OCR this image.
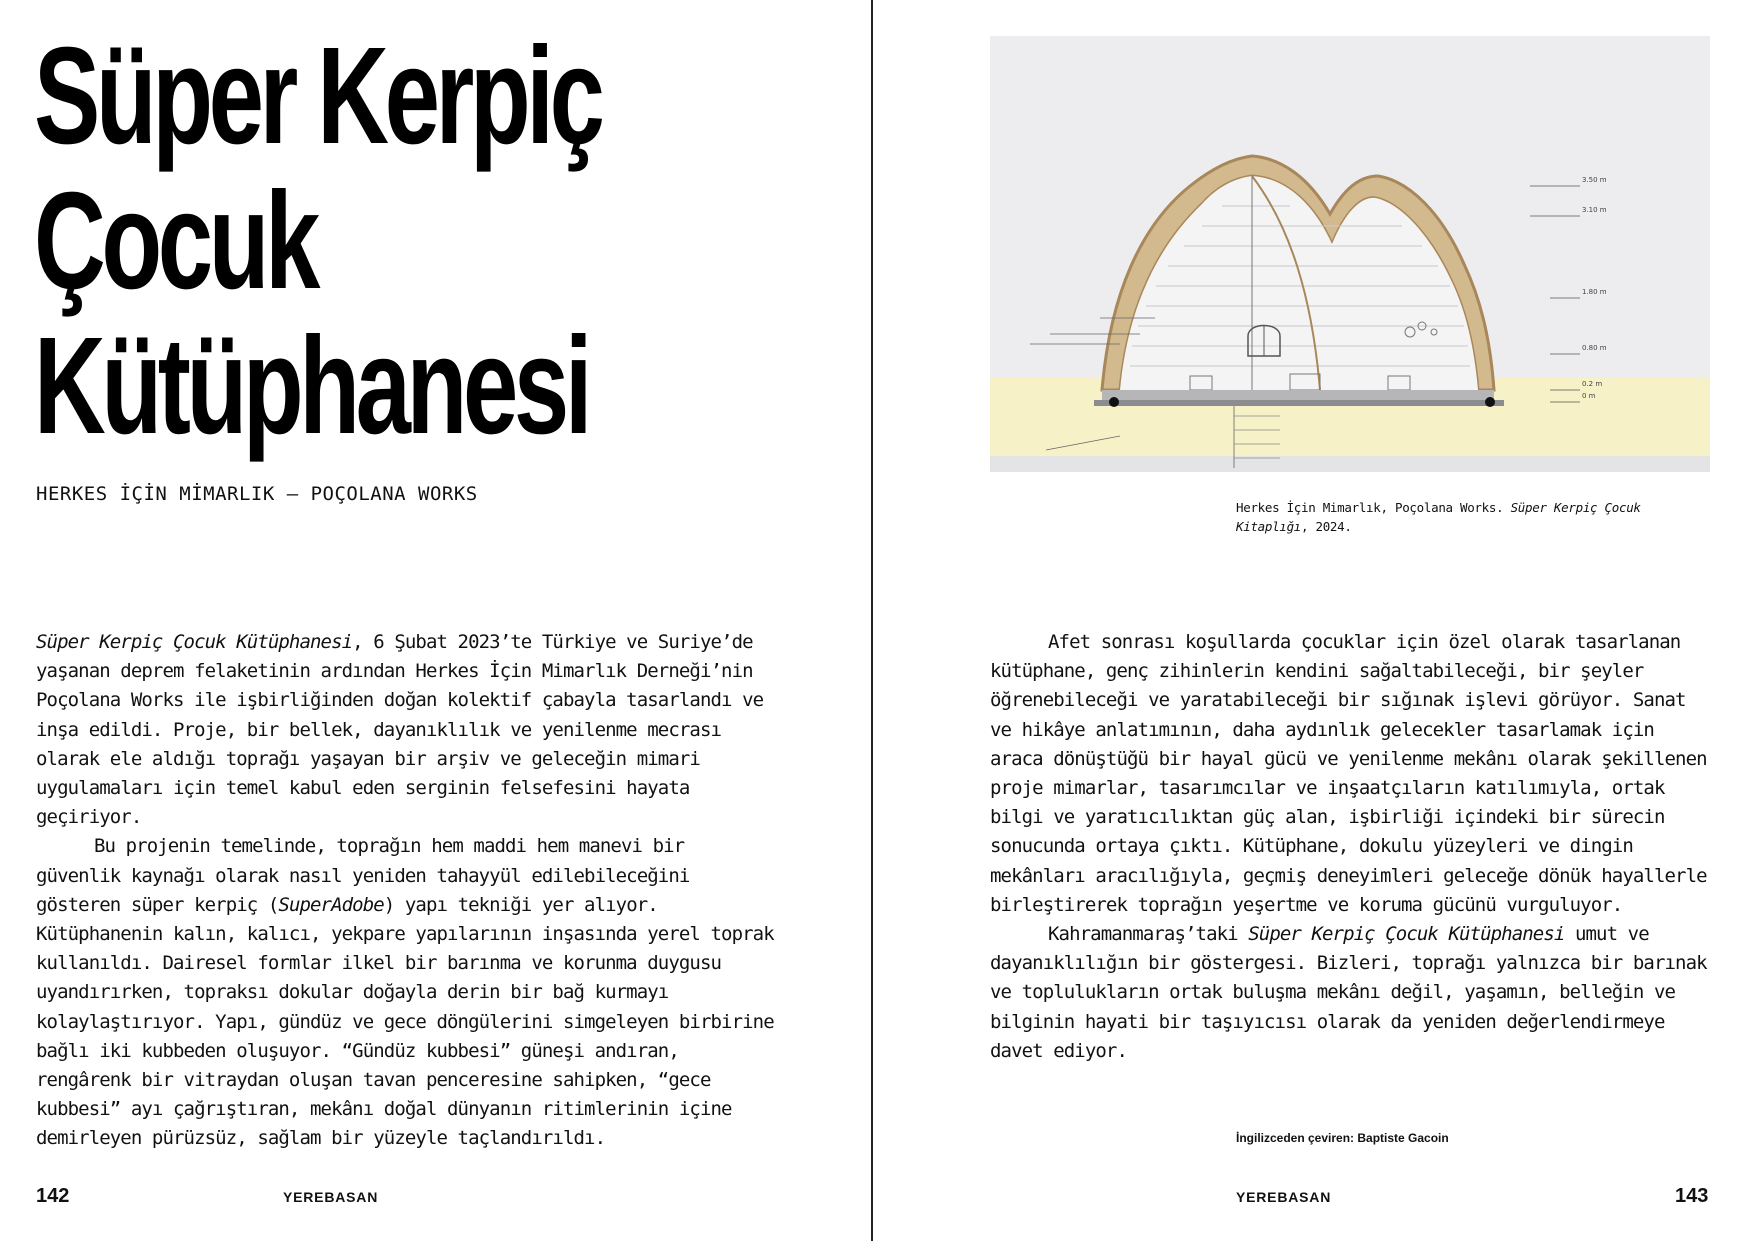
Süper Kerpiç
Çocuk
Kütüphanesi
HERKES İÇİN MİMARLIK – POÇOLANA WORKS

Süper Kerpiç Çocuk Kütüphanesi, 6 Şubat 2023’te Türkiye ve Suriye’de yaşanan deprem felaketinin ardından Herkes İçin Mimarlık Derneği’nin Poçolana Works ile işbirliğinden doğan kolektif çabayla tasarlandı ve inşa edildi. Proje, bir bellek, dayanıklılık ve yenilenme mecrası olarak ele aldığı toprağı yaşayan bir arşiv ve geleceğin mimari uygulamaları için temel kabul eden serginin felsefesini hayata geçiriyor.

Bu projenin temelinde, toprağın hem maddi hem manevi bir güvenlik kaynağı olarak nasıl yeniden tahayyül edilebileceğini gösteren süper kerpiç (SuperAdobe) yapı tekniği yer alıyor. Kütüphanenin kalın, kalıcı, yekpare yapılarının inşasında yerel toprak kullanıldı. Dairesel formlar ilkel bir barınma ve korunma duygusu uyandırırken, topraksı dokular doğayla derin bir bağ kurmayı kolaylaştırıyor. Yapı, gündüz ve gece döngülerini simgeleyen birbirine bağlı iki kubbeden oluşuyor. “Gündüz kubbesi” güneşi andıran, rengârenk bir vitraydan oluşan tavan penceresine sahipken, “gece kubbesi” ayı çağrıştıran, mekânı doğal dünyanın ritimlerinin içine demirleyen pürüzsüz, sağlam bir yüzeyle taçlandırıldı.

142	YEREBASAN
3.50 m
3.10 m
1.80 m
0.80 m
0.2 m
0 m
Herkes İçin Mimarlık, Poçolana Works. Süper Kerpiç Çocuk Kitaplığı, 2024.

Afet sonrası koşullarda çocuklar için özel olarak tasarlanan kütüphane, genç zihinlerin kendini sağaltabileceği, bir şeyler öğrenebileceği ve yaratabileceği bir sığınak işlevi görüyor. Sanat ve hikâye anlatımının, daha aydınlık gelecekler tasarlamak için araca dönüştüğü bir hayal gücü ve yenilenme mekânı olarak şekillenen proje mimarlar, tasarımcılar ve inşaatçıların katılımıyla, ortak bilgi ve yaratıcılıktan güç alan, işbirliği içindeki bir sürecin sonucunda ortaya çıktı. Kütüphane, dokulu yüzeyleri ve dingin mekânları aracılığıyla, geçmiş deneyimleri geleceğe dönük hayallerle birleştirerek toprağın yeşertme ve koruma gücünü vurguluyor.

Kahramanmaraş’taki Süper Kerpiç Çocuk Kütüphanesi umut ve dayanıklılığın bir göstergesi. Bizleri, toprağı yalnızca bir barınak ve toplulukların ortak buluşma mekânı değil, yaşamın, belleğin ve bilginin hayati bir taşıyıcısı olarak da yeniden değerlendirmeye davet ediyor.

İngilizceden çeviren: Baptiste Gacoin
YEREBASAN	143
